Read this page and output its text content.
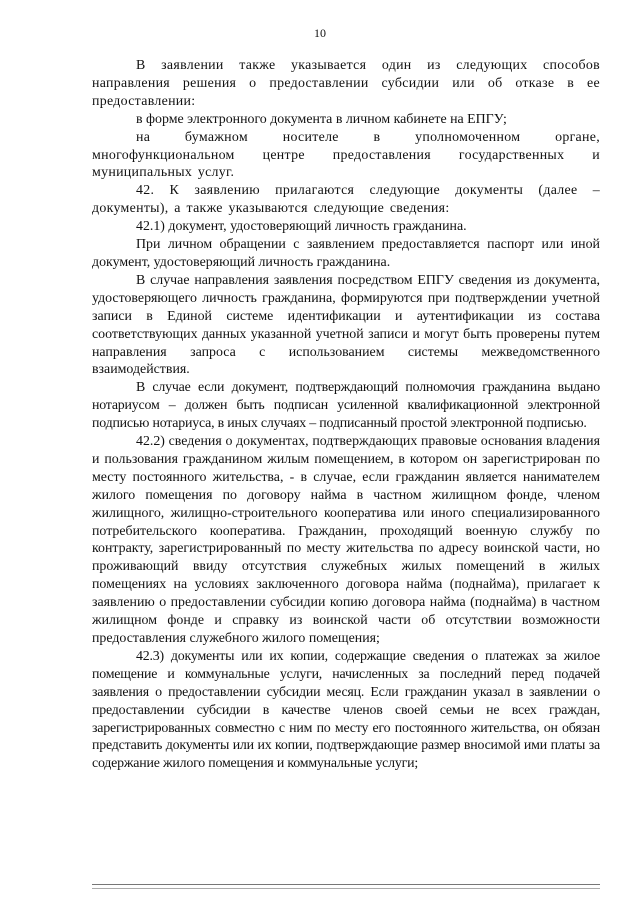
10

В заявлении также указывается один из следующих способов направления решения о предоставлении субсидии или об отказе в ее предоставлении:

в форме электронного документа в личном кабинете на ЕПГУ;

на бумажном носителе в уполномоченном органе, многофункциональном центре предоставления государственных и муниципальных услуг.

42. К заявлению прилагаются следующие документы (далее – документы), а также указываются следующие сведения:

42.1) документ, удостоверяющий личность гражданина.

При личном обращении с заявлением предоставляется паспорт или иной документ, удостоверяющий личность гражданина.

В случае направления заявления посредством ЕПГУ сведения из документа, удостоверяющего личность гражданина, формируются при подтверждении учетной записи в Единой системе идентификации и аутентификации из состава соответствующих данных указанной учетной записи и могут быть проверены путем направления запроса с использованием системы межведомственного взаимодействия.

В случае если документ, подтверждающий полномочия гражданина выдано нотариусом – должен быть подписан усиленной квалификационной электронной подписью нотариуса, в иных случаях – подписанный простой электронной подписью.

42.2) сведения о документах, подтверждающих правовые основания владения и пользования гражданином жилым помещением, в котором он зарегистрирован по месту постоянного жительства, - в случае, если гражданин является нанимателем жилого помещения по договору найма в частном жилищном фонде, членом жилищного, жилищно-строительного кооператива или иного специализированного потребительского кооператива. Гражданин, проходящий военную службу по контракту, зарегистрированный по месту жительства по адресу воинской части, но проживающий ввиду отсутствия служебных жилых помещений в жилых помещениях на условиях заключенного договора найма (поднайма), прилагает к заявлению о предоставлении субсидии копию договора найма (поднайма) в частном жилищном фонде и справку из воинской части об отсутствии возможности предоставления служебного жилого помещения;

42.3) документы или их копии, содержащие сведения о платежах за жилое помещение и коммунальные услуги, начисленных за последний перед подачей заявления о предоставлении субсидии месяц. Если гражданин указал в заявлении о предоставлении субсидии в качестве членов своей семьи не всех граждан, зарегистрированных совместно с ним по месту его постоянного жительства, он обязан представить документы или их копии, подтверждающие размер вносимой ими платы за содержание жилого помещения и коммунальные услуги;
